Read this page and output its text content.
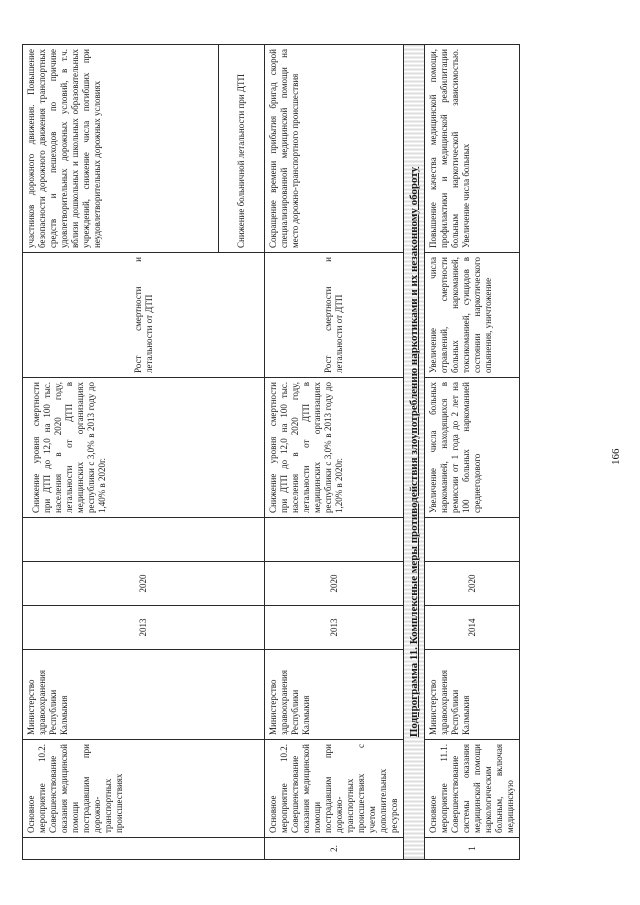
	Основное мероприятие 10.2. Совершенствование оказания медицинской помощи пострадавшим при дорожно-транспортных происшествиях	Министерство здравоохранения Республики Калмыкия	2013	2020		Снижение уровня смертности при ДТП до 12,0 на 100 тыс. населения в 2020 году, летальности от ДТП в медицинских организациях республики с 3,0% в 2013 году до 1,40% в 2020г.	Рост смертности и летальности от ДТП	участников дорожного движения. Повышение безопасности дорожного движения транспортных средств и пешеходов по причине удовлетворительных дорожных условий, в т.ч. вблизи дошкольных и школьных образовательных учреждений, снижение числа погибших при неудовлетворительных дорожных условиях
								Снижение больничной летальности при ДТП
2.	Основное мероприятие 10.2. Совершенствование оказания медицинской помощи пострадавшим при дорожно-транспортных происшествиях с учетом дополнительных ресурсов	Министерство здравоохранения Республики Калмыкия	2013	2020		Снижение уровня смертности при ДТП до 12,0 на 100 тыс. населения в 2020 году, летальности от ДТП в медицинских организациях республики с 3,0% в 2013 году до 1,20% в 2020г.	Рост смертности и летальности от ДТП	Сокращение времени прибытия бригад скорой специализированной медицинской помощи на место дорожно-транспортного происшествия
Подпрограмма 11. Комплексные меры противодействия злоупотреблению наркотиками и их незаконному обороту								
1	Основное мероприятие 11.1. Совершенствование системы оказания медицинской помощи наркологическим больным, включая медицинскую	Министерство здравоохранения Республики Калмыкия	2014	2020		Увеличение числа больных наркоманией, находящихся в ремиссии от 1 года до 2 лет на 100 больных наркоманией среднегодового	Увеличение числа отравлений, смертности больных наркоманией, токсикоманией, суицидов в состоянии наркотического опьянения, уничтожение	Повышение качества медицинской помощи, профилактики и медицинской реабилитации больным наркотической зависимостью. Увеличение числа больных
166
